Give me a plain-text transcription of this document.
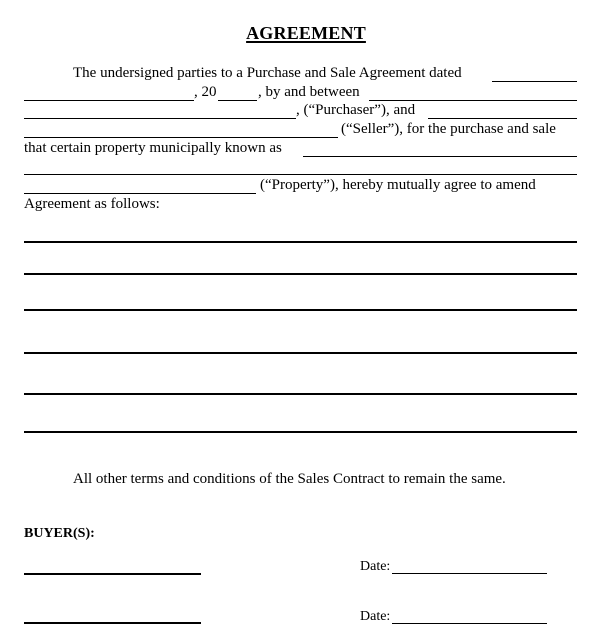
AGREEMENT
The undersigned parties to a Purchase and Sale Agreement dated
, 20	, by and between
, (“Purchaser”), and
(“Seller”), for the purchase and sale
that certain property municipally known as
(“Property”), hereby mutually agree to amend
Agreement as follows:
All other terms and conditions of the Sales Contract to remain the same.
BUYER(S):
Date:
Date:
